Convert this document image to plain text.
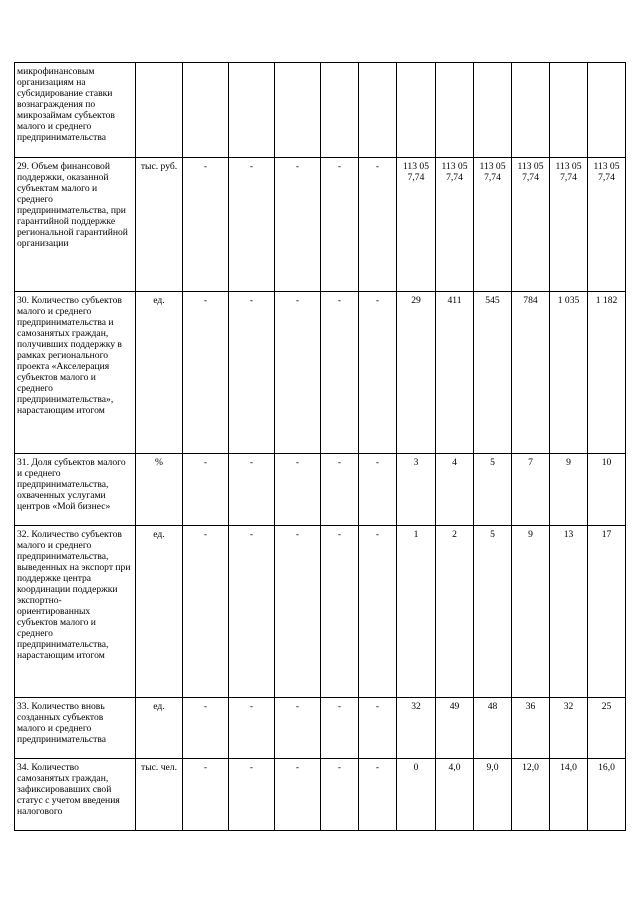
микрофинансовым организациям на субсидирование ставки вознаграждения по микрозаймам субъектов малого и среднего предпринимательства												
29. Объем финансовой поддержки, оказанной субъектам малого и среднего предпринимательства, при гарантийной поддержке региональной гарантийной организации	тыс. руб.	-	-	-	-	-	113 05 7,74	113 05 7,74	113 05 7,74	113 05 7,74	113 05 7,74	113 05 7,74
30. Количество субъектов малого и среднего предпринимательства и самозанятых граждан, получивших поддержку в рамках регионального проекта «Акселерация субъектов малого и среднего предпринимательства», нарастающим итогом	ед.	-	-	-	-	-	29	411	545	784	1 035	1 182
31. Доля субъектов малого и среднего предпринимательства, охваченных услугами центров «Мой бизнес»	%	-	-	-	-	-	3	4	5	7	9	10
32. Количество субъектов малого и среднего предпринимательства, выведенных на экспорт при поддержке центра координации поддержки экспортно-ориентированных субъектов малого и среднего предпринимательства, нарастающим итогом	ед.	-	-	-	-	-	1	2	5	9	13	17
33. Количество вновь созданных субъектов малого и среднего предпринимательства	ед.	-	-	-	-	-	32	49	48	36	32	25
34. Количество самозанятых граждан, зафиксировавших свой статус с учетом введения налогового	тыс. чел.	-	-	-	-	-	0	4,0	9,0	12,0	14,0	16,0
